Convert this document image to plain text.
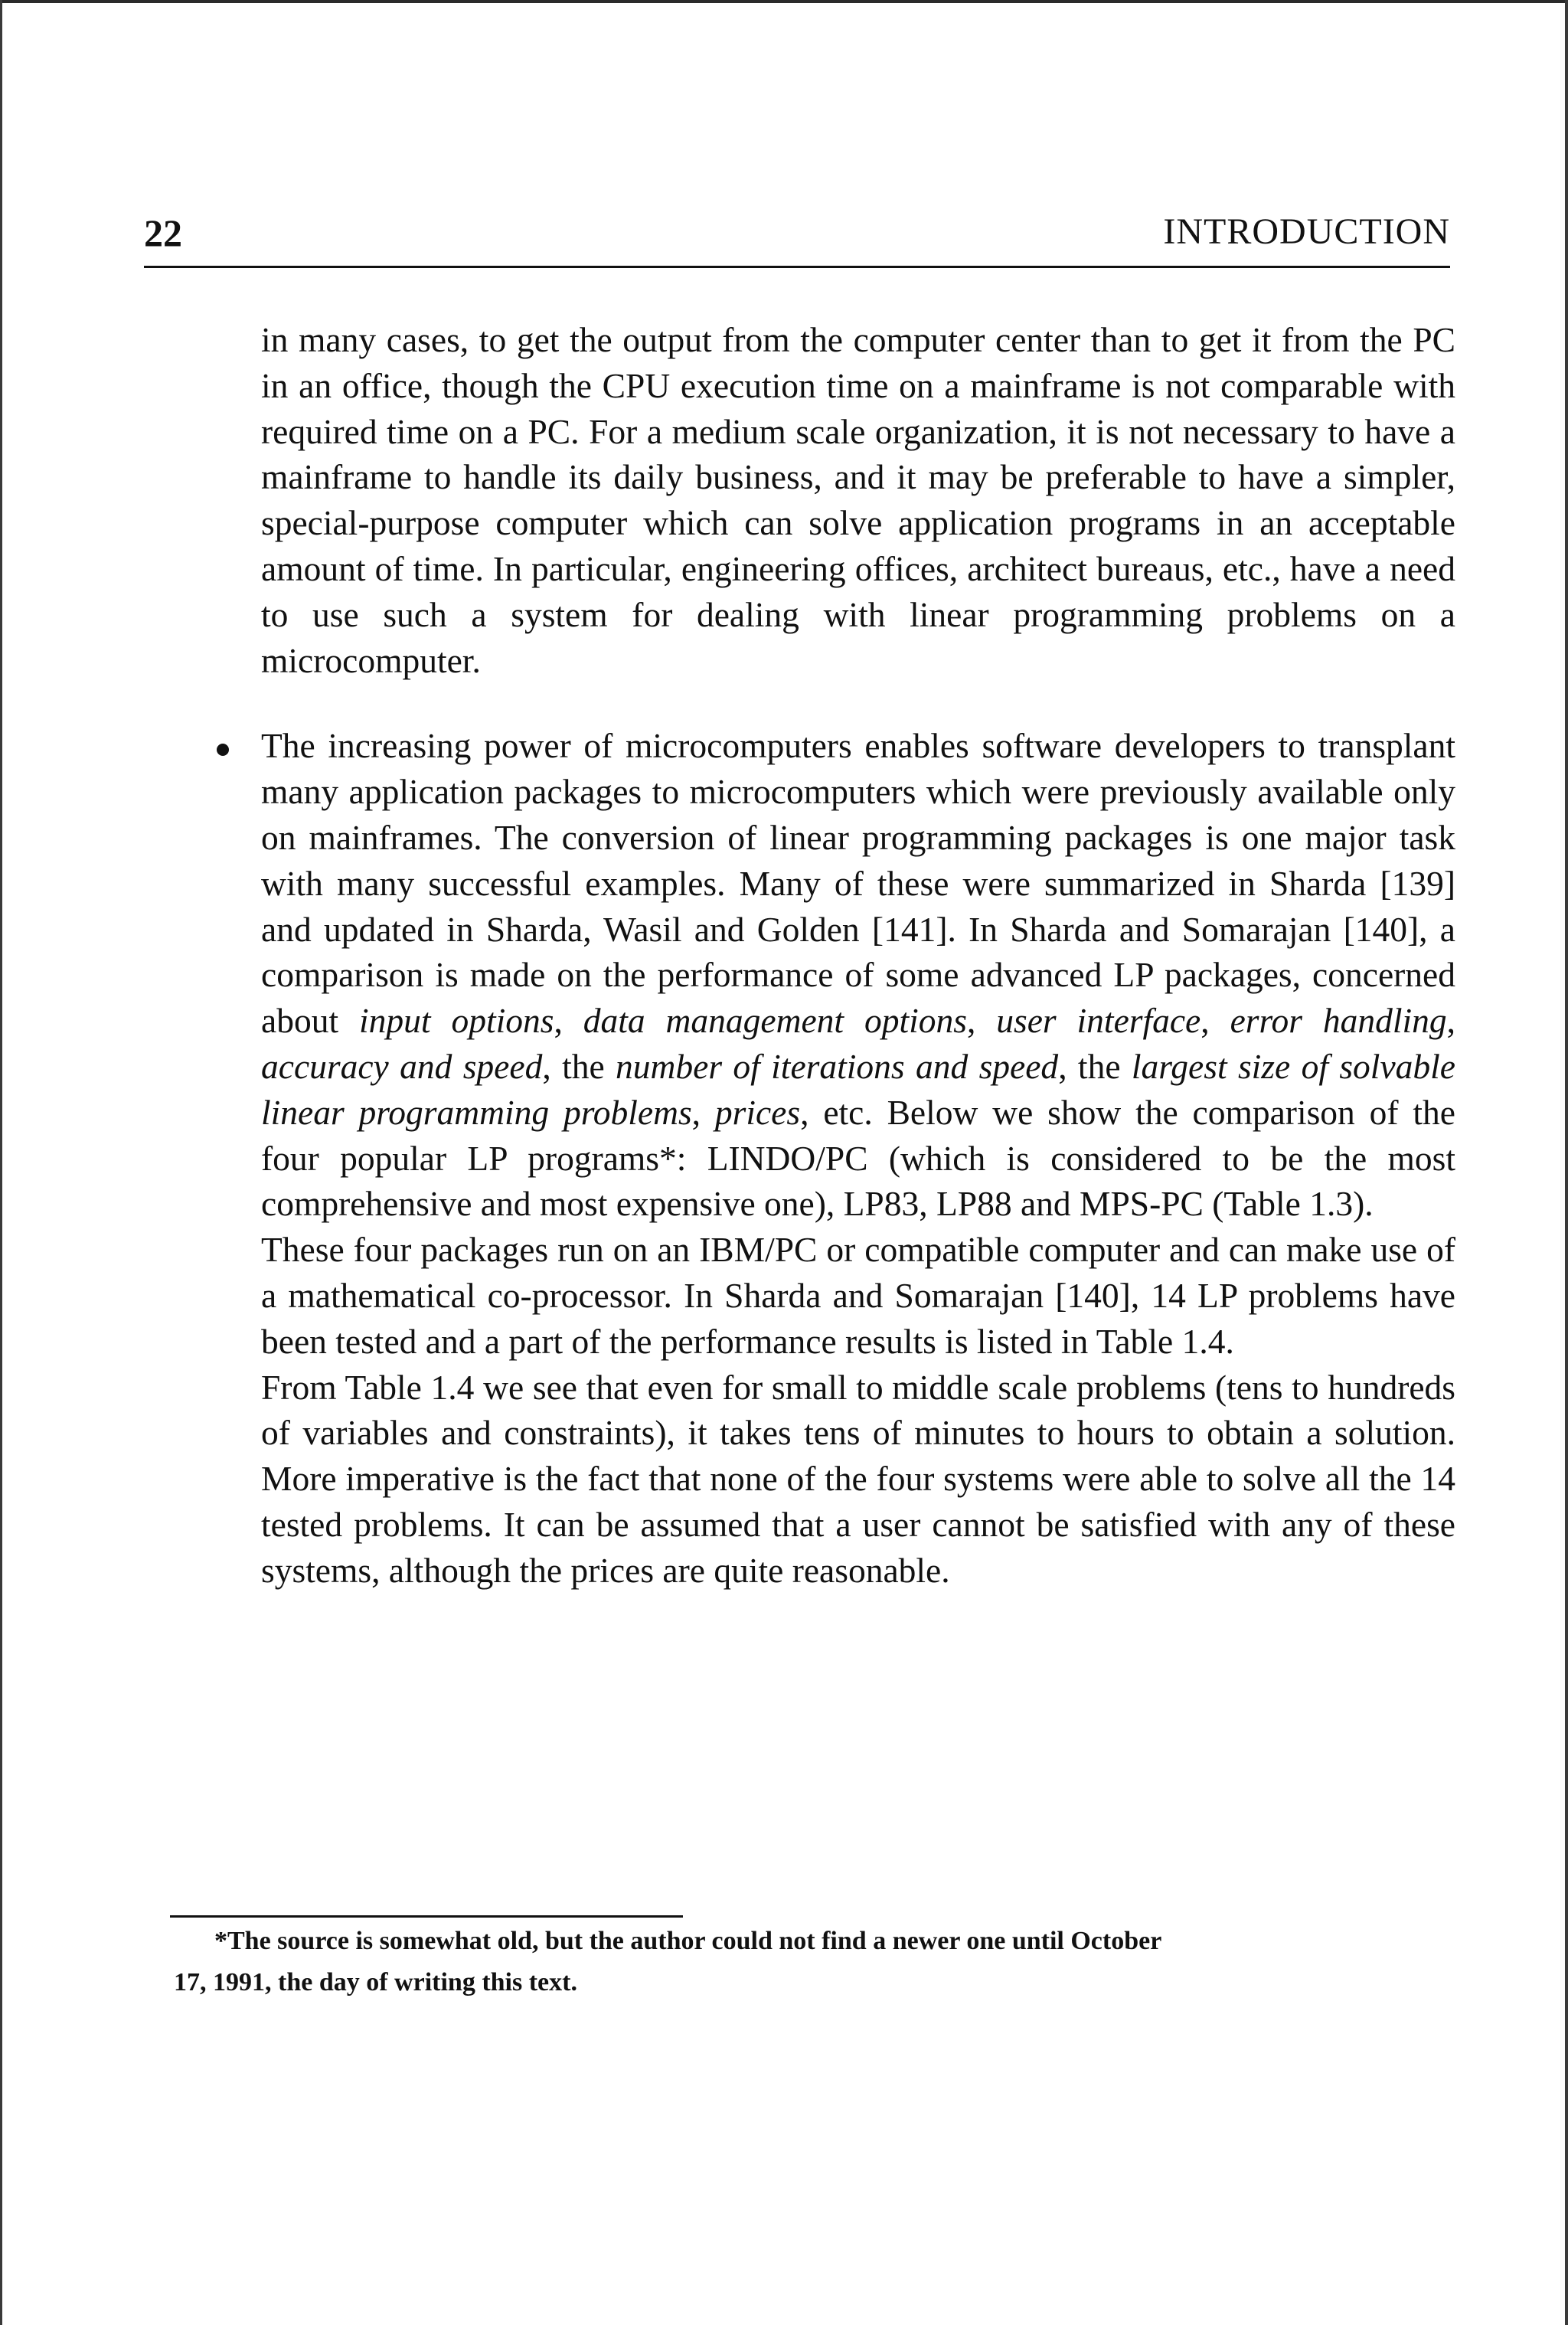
22	INTRODUCTION

in many cases, to get the output from the computer center than to get it from the PC in an office, though the CPU execution time on a mainframe is not comparable with required time on a PC. For a medium scale organization, it is not necessary to have a mainframe to handle its daily business, and it may be preferable to have a simpler, special-purpose computer which can solve application programs in an acceptable amount of time. In particular, engineering offices, architect bureaus, etc., have a need to use such a system for dealing with linear programming problems on a microcomputer.

The increasing power of microcomputers enables software developers to transplant many application packages to microcomputers which were previously available only on mainframes. The conversion of linear programming packages is one major task with many successful examples. Many of these were summarized in Sharda [139] and updated in Sharda, Wasil and Golden [141]. In Sharda and Somarajan [140], a comparison is made on the performance of some advanced LP packages, concerned about input options, data management options, user interface, error handling, accuracy and speed, the number of iterations and speed, the largest size of solvable linear programming problems, prices, etc. Below we show the comparison of the four popular LP programs*: LINDO/PC (which is considered to be the most comprehensive and most expensive one), LP83, LP88 and MPS-PC (Table 1.3).

These four packages run on an IBM/PC or compatible computer and can make use of a mathematical co-processor. In Sharda and Somarajan [140], 14 LP problems have been tested and a part of the performance results is listed in Table 1.4.

From Table 1.4 we see that even for small to middle scale problems (tens to hundreds of variables and constraints), it takes tens of minutes to hours to obtain a solution. More imperative is the fact that none of the four systems were able to solve all the 14 tested problems. It can be assumed that a user cannot be satisfied with any of these systems, although the prices are quite reasonable.

*The source is somewhat old, but the author could not find a newer one until October
17, 1991, the day of writing this text.
